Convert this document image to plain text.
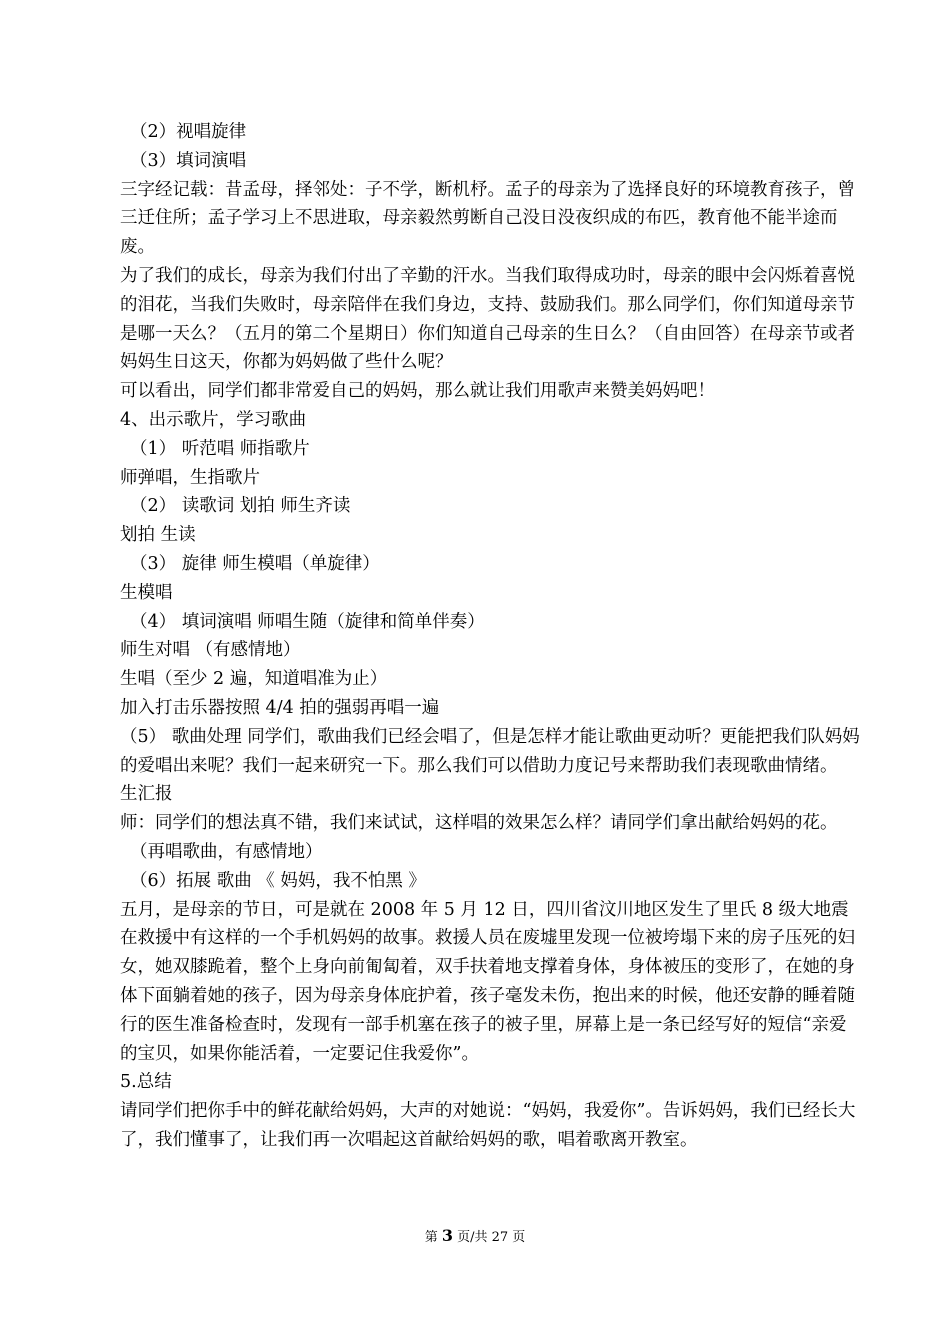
（2）视唱旋律

（3）填词演唱

三字经记载：昔孟母，择邻处：子不学，断机杼。孟子的母亲为了选择良好的环境教育孩子，曾三迁住所；孟子学习上不思进取，母亲毅然剪断自己没日没夜织成的布匹，教育他不能半途而废。

为了我们的成长，母亲为我们付出了辛勤的汗水。当我们取得成功时，母亲的眼中会闪烁着喜悦的泪花，当我们失败时，母亲陪伴在我们身边，支持、鼓励我们。那么同学们，你们知道母亲节是哪一天么？（五月的第二个星期日）你们知道自己母亲的生日么？（自由回答）在母亲节或者妈妈生日这天，你都为妈妈做了些什么呢？

可以看出，同学们都非常爱自己的妈妈，那么就让我们用歌声来赞美妈妈吧！

4、出示歌片，学习歌曲

（1） 听范唱 师指歌片

师弹唱，生指歌片

（2） 读歌词 划拍 师生齐读

划拍 生读

（3） 旋律 师生模唱（单旋律）

生模唱

（4） 填词演唱 师唱生随（旋律和简单伴奏）

师生对唱 （有感情地）

生唱（至少 2 遍，知道唱准为止）

加入打击乐器按照 4/4 拍的强弱再唱一遍

（5） 歌曲处理 同学们，歌曲我们已经会唱了，但是怎样才能让歌曲更动听？更能把我们队妈妈的爱唱出来呢？我们一起来研究一下。那么我们可以借助力度记号来帮助我们表现歌曲情绪。

生汇报

师：同学们的想法真不错，我们来试试，这样唱的效果怎么样？请同学们拿出献给妈妈的花。

（再唱歌曲，有感情地）

（6）拓展 歌曲 《 妈妈，我不怕黑 》

五月，是母亲的节日，可是就在 2008 年 5 月 12 日，四川省汶川地区发生了里氏 8 级大地震在救援中有这样的一个手机妈妈的故事。救援人员在废墟里发现一位被垮塌下来的房子压死的妇女，她双膝跪着，整个上身向前匍匐着，双手扶着地支撑着身体，身体被压的变形了，在她的身体下面躺着她的孩子，因为母亲身体庇护着，孩子毫发未伤，抱出来的时候，他还安静的睡着随行的医生准备检查时，发现有一部手机塞在孩子的被子里，屏幕上是一条已经写好的短信“亲爱的宝贝，如果你能活着，一定要记住我爱你”。

5.总结

请同学们把你手中的鲜花献给妈妈，大声的对她说：“妈妈，我爱你”。告诉妈妈，我们已经长大了，我们懂事了，让我们再一次唱起这首献给妈妈的歌，唱着歌离开教室。

第 3 页/共 27 页
